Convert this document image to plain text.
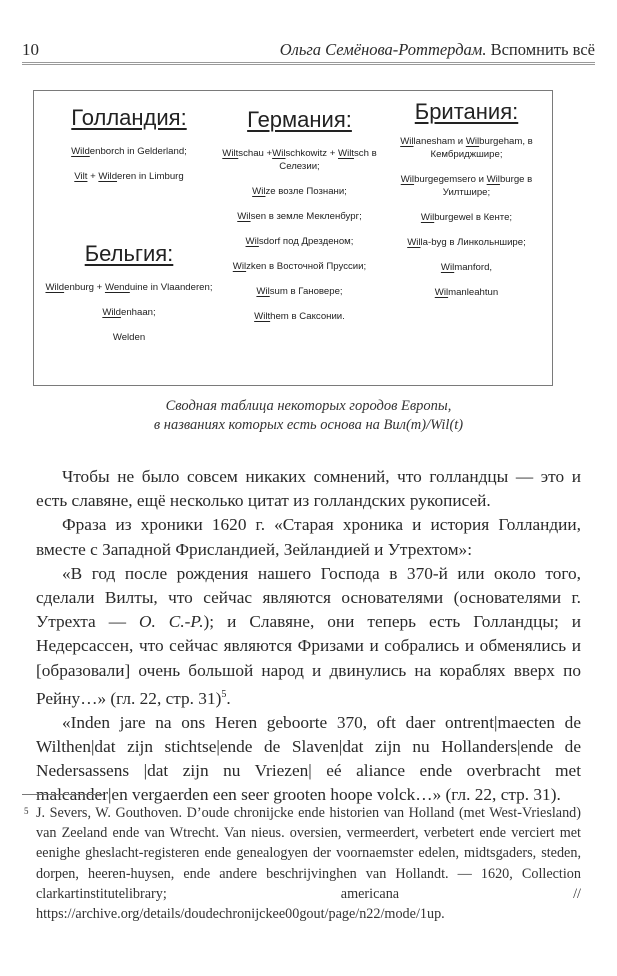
10	Ольга Семёнова-Роттердам. Вспомнить всё
Голландия:
Wildenborch in Gelderland;
Vilt + Wilderen in Limburg
Бельгия:
Wildenburg + Wenduine in Vlaanderen;
Wildenhaan;
Welden
Германия:
Wiltschau +Wilschkowitz + Wiltsch в Селезии;
Wilze возле Познани;
Wilsen в земле Мекленбург;
Wilsdorf под Дрезденом;
Wilzken в Восточной Пруссии;
Wilsum в Гановере;
Wilthem в Саксонии.
Британия:
Willanesham и Wilburgeham, в Кембриджшире;
Wilburgegemsero и Wilburge в Уилтшире;
Wilburgewel в Кенте;
Willa-byg в Линкольншире;
Wilmanford,
Wilmanleahtun
Сводная таблица некоторых городов Европы,
в названиях которых есть основа на Вил(т)/Wil(t)

Чтобы не было совсем никаких сомнений, что голландцы — это и есть славяне, ещё несколько цитат из голландских рукописей.

Фраза из хроники 1620 г. «Старая хроника и история Голландии, вместе с Западной Фрисландией, Зейландией и Утрехтом»:

«В год после рождения нашего Господа в 370-й или около того, сделали Вилты, что сейчас являются основателями (основателями г. Утрехта — О. С.-Р.); и Славяне, они теперь есть Голландцы; и Недерсассен, что сейчас являются Фризами и собрались и обменялись и [образовали] очень большой народ и двинулись на кораблях вверх по Рейну…» (гл. 22, стр. 31)$^5$.

«Inden jare na ons Heren geboorte 370, oft daer ontrent|maecten de Wilthen|dat zijn stichtse|ende de Slaven|dat zijn nu Hollanders|ende de Nedersassens |dat zijn nu Vriezen| eé aliance ende overbracht met malcander|en vergaerden een seer grooten hoope volck…» (гл. 22, стр. 31).

5 J. Severs, W. Gouthoven. D’oude chronijcke ende historien van Holland (met West-Vriesland) van Zeeland ende van Wtrecht. Van nieus. oversien, vermeerdert, verbetert ende verciert met eenighe gheslacht-registeren ende genealogyen der voornaemster edelen, midtsgaders, steden, dorpen, heeren-huysen, ende andere beschrijvinghen van Hollandt. — 1620, Collection clarkartinstitutelibrary; americana // https://archive.org/details/doudechronijckee00gout/page/n22/mode/1up.
